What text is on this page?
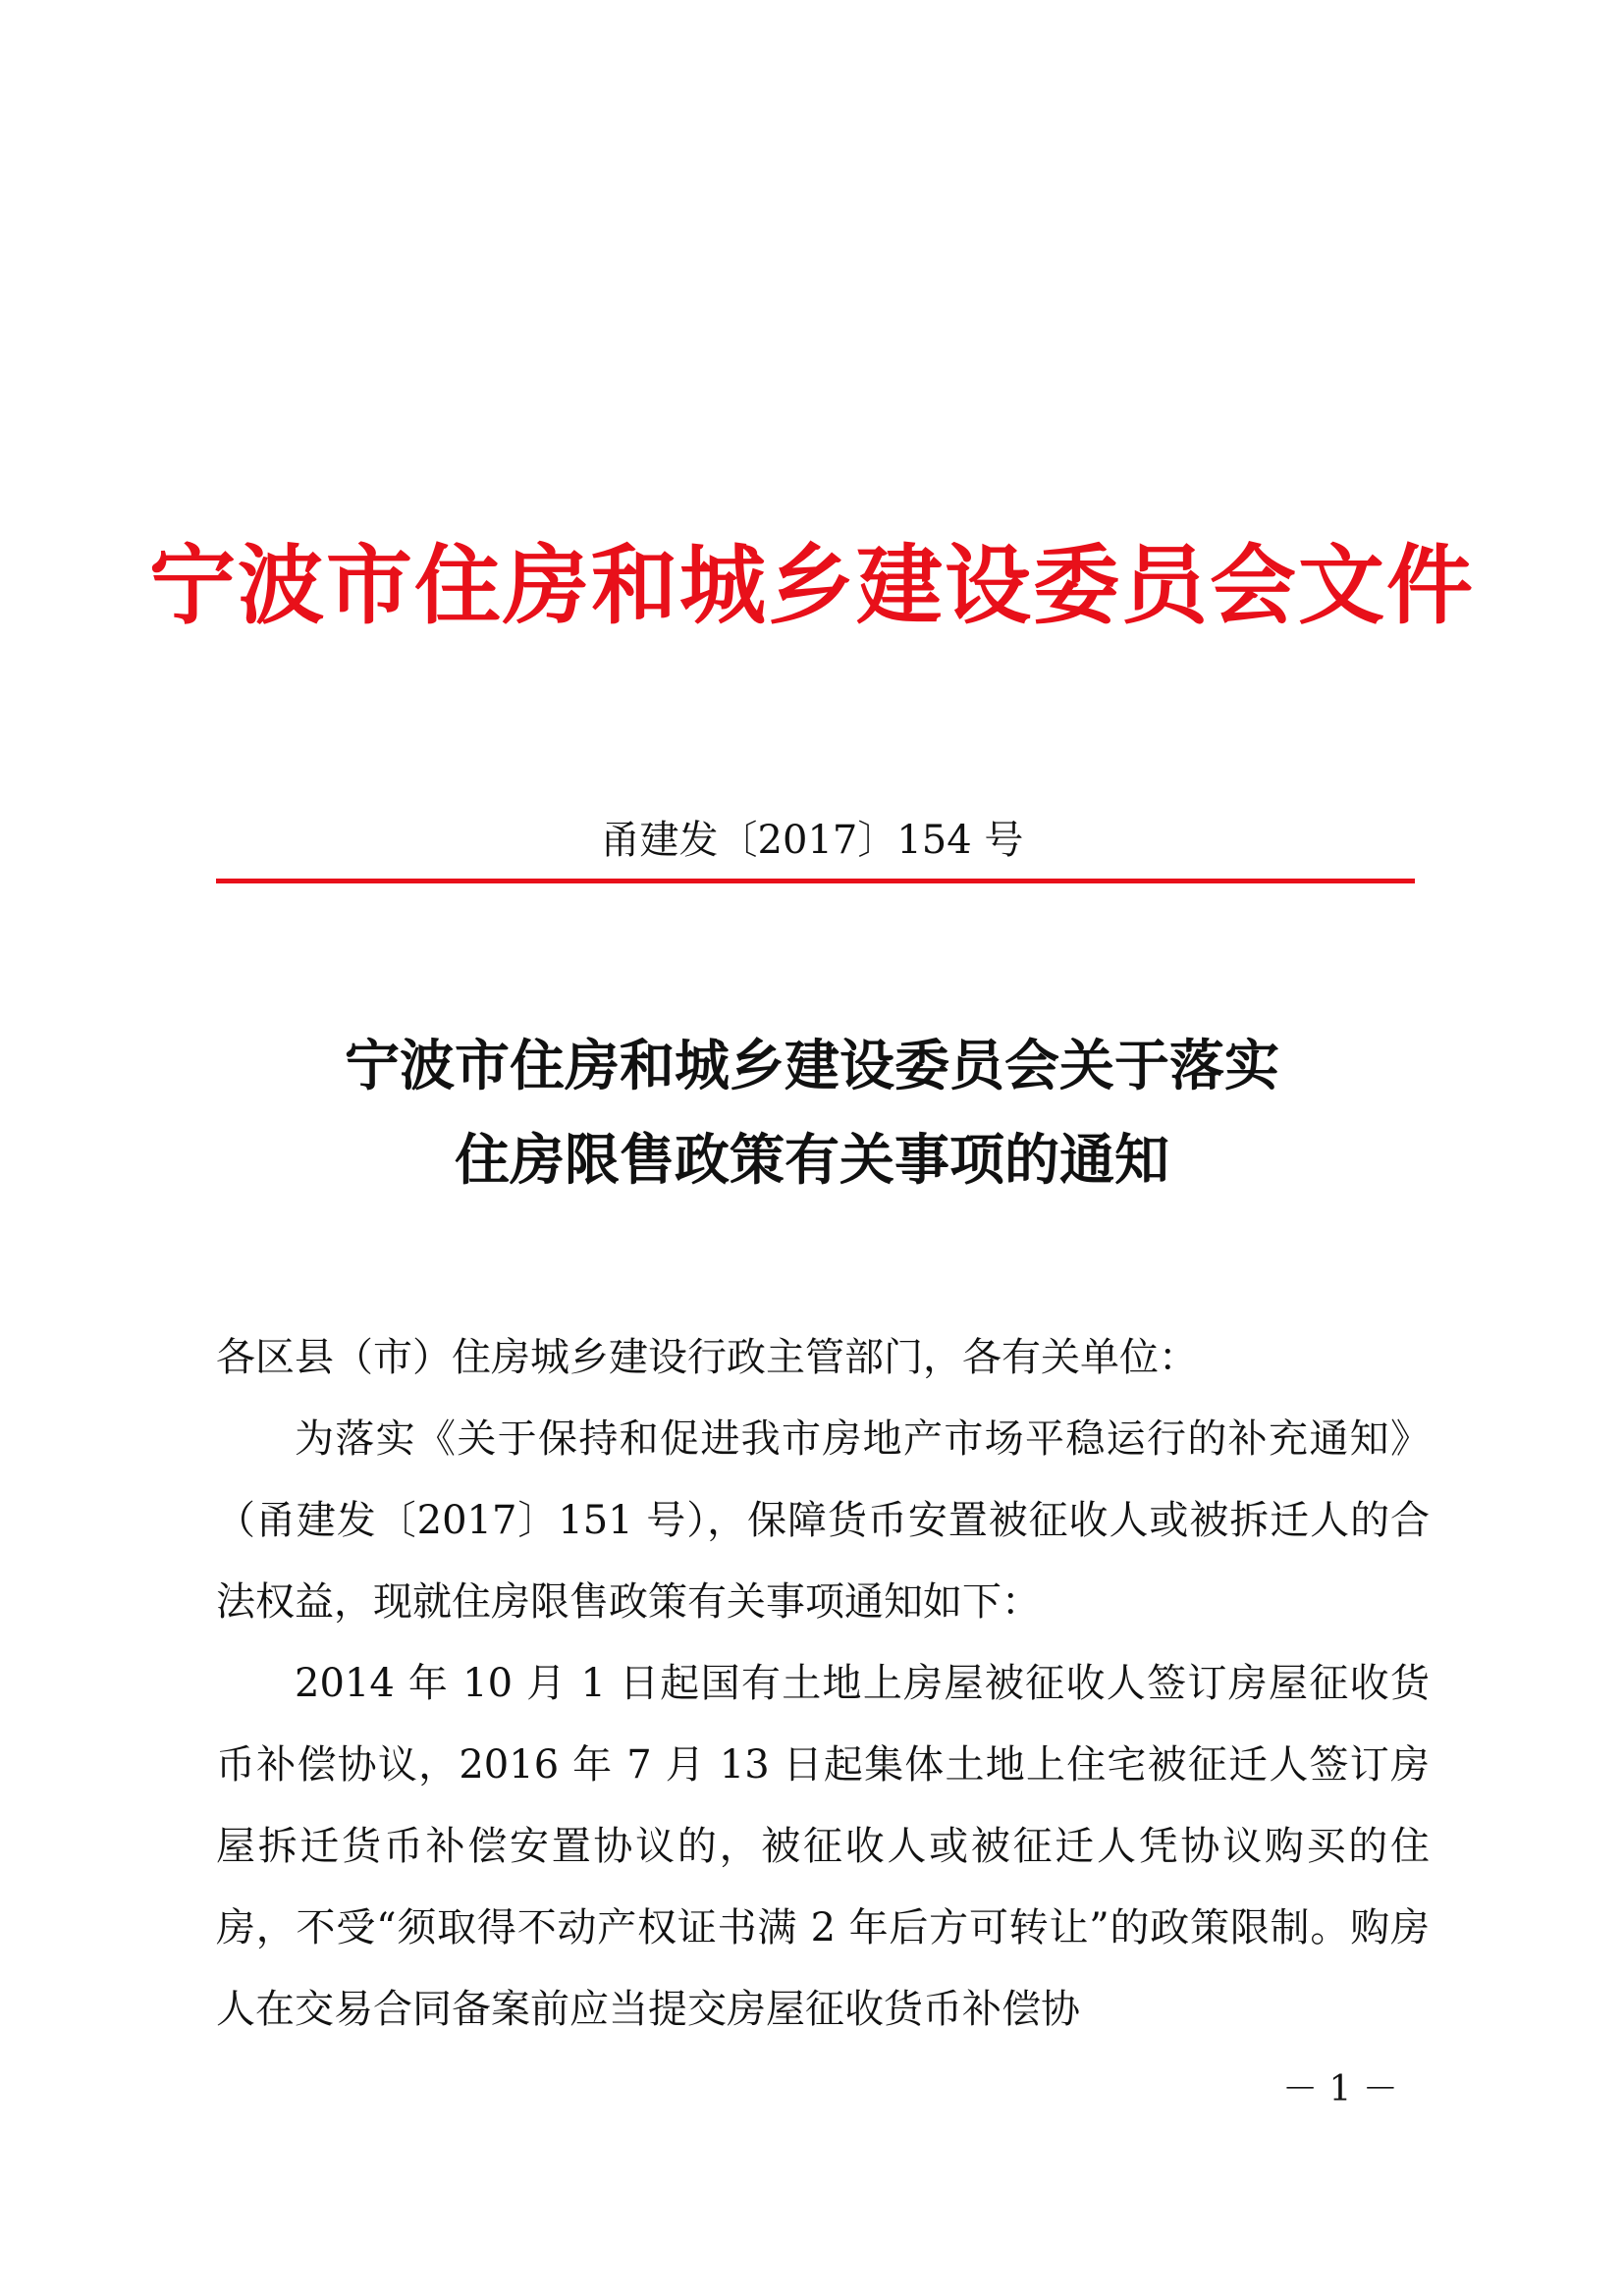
宁波市住房和城乡建设委员会文件
甬建发〔2017〕154 号
宁波市住房和城乡建设委员会关于落实
住房限售政策有关事项的通知

各区县（市）住房城乡建设行政主管部门，各有关单位：

为落实《关于保持和促进我市房地产市场平稳运行的补充通知》（甬建发〔2017〕151 号），保障货币安置被征收人或被拆迁人的合法权益，现就住房限售政策有关事项通知如下：

2014 年 10 月 1 日起国有土地上房屋被征收人签订房屋征收货币补偿协议，2016 年 7 月 13 日起集体土地上住宅被征迁人签订房屋拆迁货币补偿安置协议的，被征收人或被征迁人凭协议购买的住房，不受“须取得不动产权证书满 2 年后方可转让”的政策限制。购房人在交易合同备案前应当提交房屋征收货币补偿协

－ 1 －
